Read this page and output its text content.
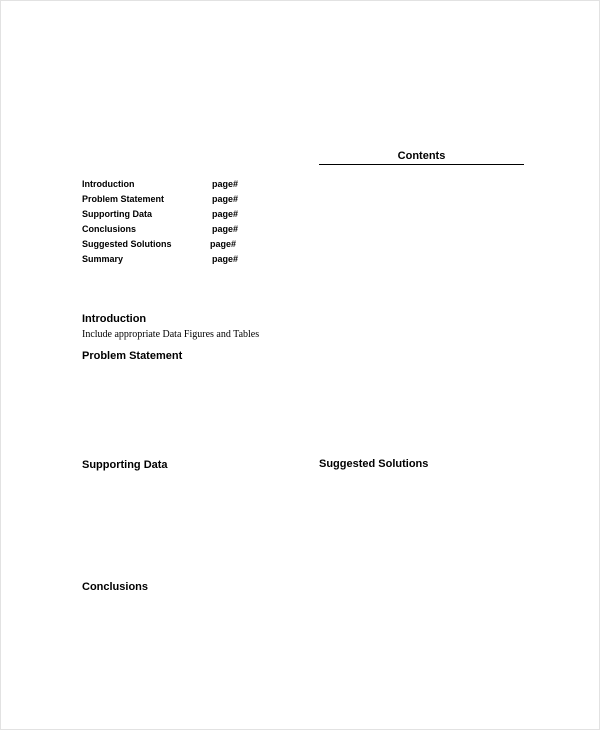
Contents
Introduction	page#
Problem Statement	page#
Supporting Data	page#
Conclusions	page#
Suggested Solutions	page#
Summary	page#
Introduction
Include appropriate Data Figures and Tables
Problem Statement
Supporting Data	Suggested Solutions
Conclusions
